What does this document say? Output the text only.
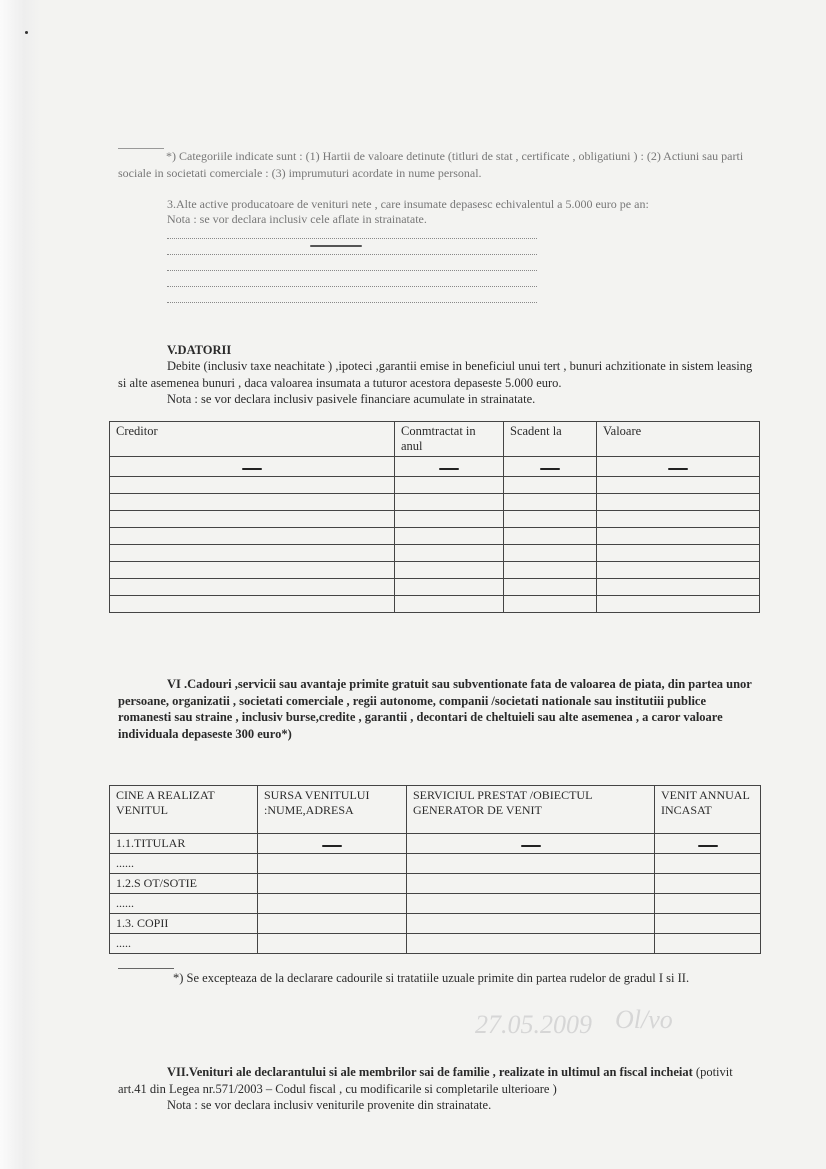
27.05.2009 Ol/vo
*) Categoriile indicate sunt : (1) Hartii de valoare detinute (titluri de stat , certificate , obligatiuni ) : (2) Actiuni sau parti sociale in societati comerciale : (3) imprumuturi acordate in nume personal.
3.Alte active producatoare de venituri nete , care insumate depasesc echivalentul a 5.000 euro pe an:
Nota : se vor declara inclusiv cele aflate in strainatate.
V.DATORII
Debite (inclusiv taxe neachitate ) ,ipoteci ,garantii emise in beneficiul unui tert , bunuri achzitionate in sistem leasing si alte asemenea bunuri , daca valoarea insumata a tuturor acestora depaseste 5.000 euro.
Nota : se vor declara inclusiv pasivele financiare acumulate in strainatate.
Creditor	Conmtractat in anul	Scadent la	Valoare

VI .Cadouri ,servicii sau avantaje primite gratuit sau subventionate fata de valoarea de piata, din partea unor persoane, organizatii , societati comerciale , regii autonome, companii /societati nationale sau institutiii publice romanesti sau straine , inclusiv burse,credite , garantii , decontari de cheltuieli sau alte asemenea , a caror valoare individuala depaseste 300 euro*)
CINE A REALIZAT VENITUL	SURSA VENITULUI :NUME,ADRESA	SERVICIUL PRESTAT /OBIECTUL GENERATOR DE VENIT	VENIT ANNUAL INCASAT
1.1.TITULAR			
......			
1.2.S OT/SOTIE			
......			
1.3. COPII			
.....			
*) Se excepteaza de la declarare cadourile si tratatiile uzuale primite din partea rudelor de gradul I si II.
VII.Venituri ale declarantului si ale membrilor sai de familie , realizate in ultimul an fiscal incheiat (potivit art.41 din Legea nr.571/2003 – Codul fiscal , cu modificarile si completarile ulterioare )
Nota : se vor declara inclusiv veniturile provenite din strainatate.
